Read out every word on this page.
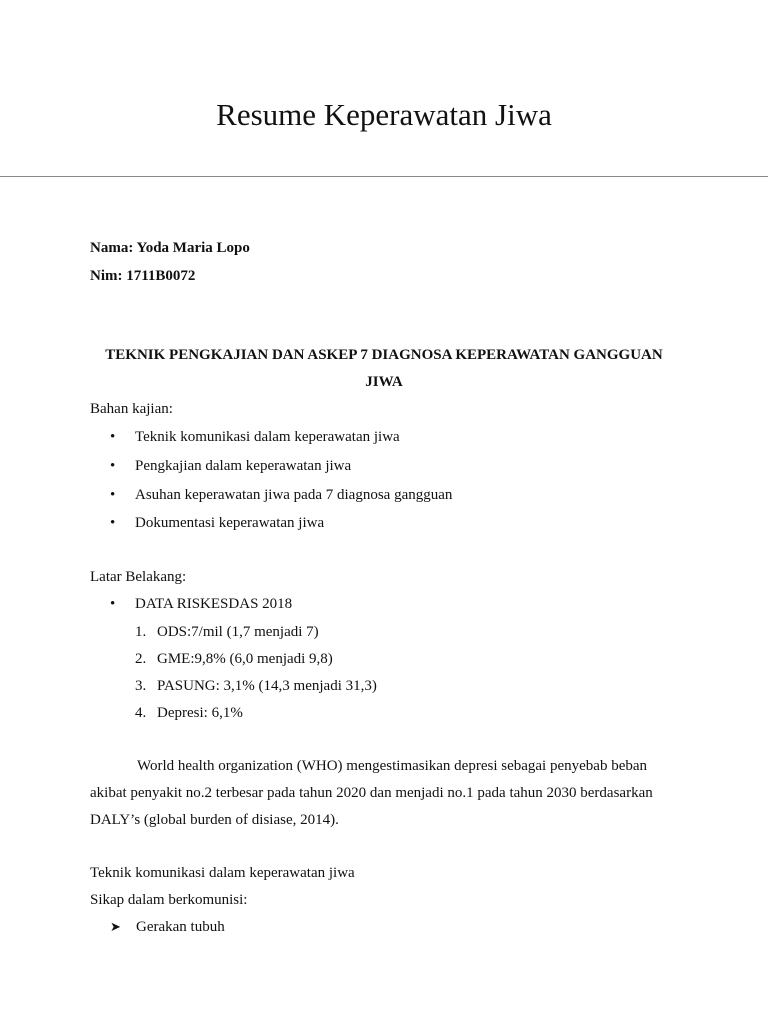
Resume Keperawatan Jiwa
Nama: Yoda Maria Lopo
Nim: 1711B0072
TEKNIK PENGKAJIAN DAN ASKEP 7 DIAGNOSA KEPERAWATAN GANGGUAN
JIWA
Bahan kajian:
• Teknik komunikasi dalam keperawatan jiwa
• Pengkajian dalam keperawatan jiwa
• Asuhan keperawatan jiwa pada 7 diagnosa gangguan
• Dokumentasi keperawatan jiwa
Latar Belakang:
• DATA RISKESDAS 2018
1. ODS:7/mil (1,7 menjadi 7)
2. GME:9,8% (6,0 menjadi 9,8)
3. PASUNG: 3,1% (14,3 menjadi 31,3)
4. Depresi: 6,1%
World health organization (WHO) mengestimasikan depresi sebagai penyebab beban
akibat penyakit no.2 terbesar pada tahun 2020 dan menjadi no.1 pada tahun 2030 berdasarkan
DALY’s (global burden of disiase, 2014).
Teknik komunikasi dalam keperawatan jiwa
Sikap dalam berkomunisi:
➤ Gerakan tubuh
